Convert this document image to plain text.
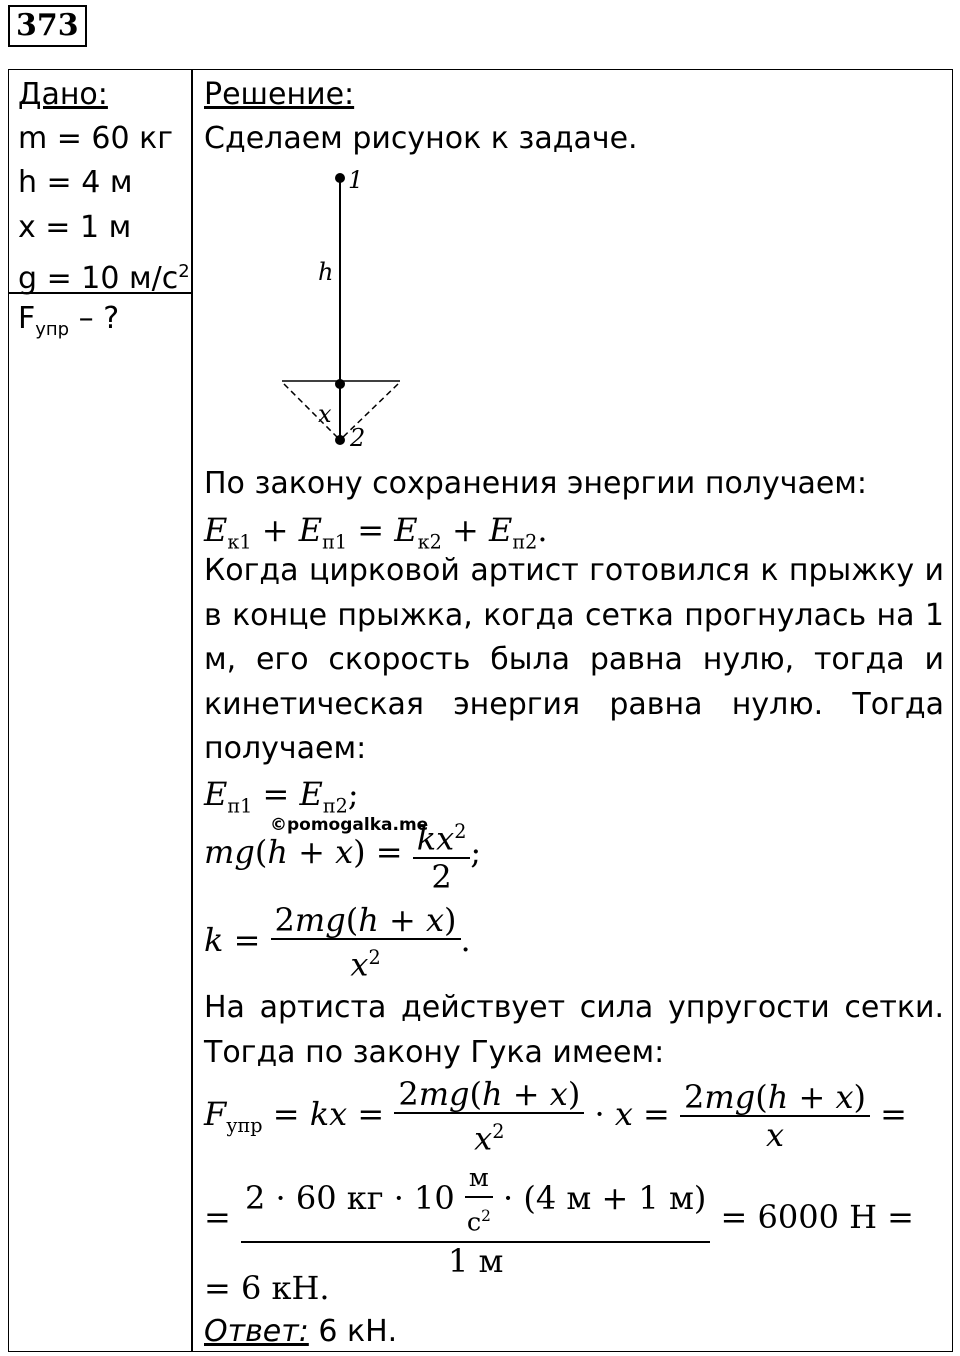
373
Дано:
m = 60 кг
h = 4 м
x = 1 м
g = 10 $м/с^2$
$F_{упр}$ – ?
Решение:
Сделаем рисунок к задаче.
1
h
x
2
По закону сохранения энергии получаем:
$E_{к1} + E_{п1} = E_{к2} + E_{п2}$.
Когда цирковой артист готовился к прыжку и в конце прыжка, когда сетка прогнулась на 1 м, его скорость была равна нулю, тогда и кинетическая энергия равна нулю. Тогда получаем:
$E_{п1} = E_{п2}$;
©pomogalka.me
$mg(h + x) = \frac{kx^2}{2}$ ;
$k = \frac{2mg(h + x)}{x^2}$ .
На артиста действует сила упругости сетки. Тогда по закону Гука имеем:
$F_{упр}$ = kx = $\frac{2mg(h + x)}{x^2} \cdot x = \frac{2mg(h + x)}{x}$ =
= $\frac{2 \cdot 60 кг \cdot 10 \frac{м}{с^2} \cdot (4 м + 1 м)}{1 м} = 6000$ Н =
= 6 кН.
Ответ: 6 кН.
